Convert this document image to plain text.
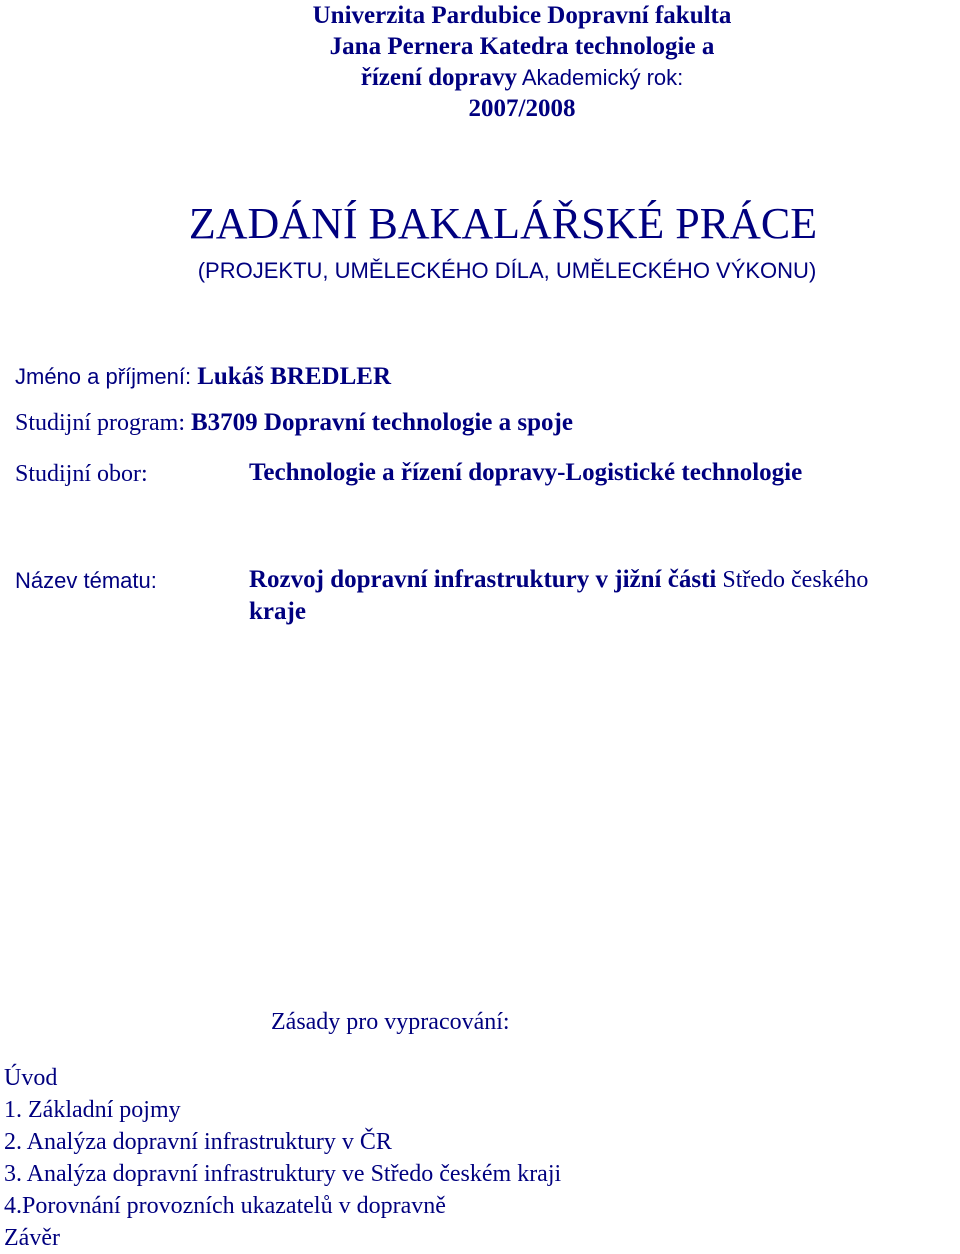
Univerzita Pardubice Dopravní fakulta
Jana Pernera Katedra technologie a
řízení dopravy Akademický rok:
2007/2008
ZADÁNÍ BAKALÁŘSKÉ PRÁCE
(PROJEKTU, UMĚLECKÉHO DÍLA, UMĚLECKÉHO VÝKONU)
Jméno a příjmení: Lukáš BREDLER
Studijní program: B3709 Dopravní technologie a spoje
Studijní obor:	Technologie a řízení dopravy-Logistické technologie
Název tématu:	Rozvoj dopravní infrastruktury v jižní části Středo českého
kraje
Zásady pro vypracování:
Úvod
1. Základní pojmy
2. Analýza dopravní infrastruktury v ČR
3. Analýza dopravní infrastruktury ve Středo českém kraji
4.Porovnání provozních ukazatelů v dopravně
Závěr
